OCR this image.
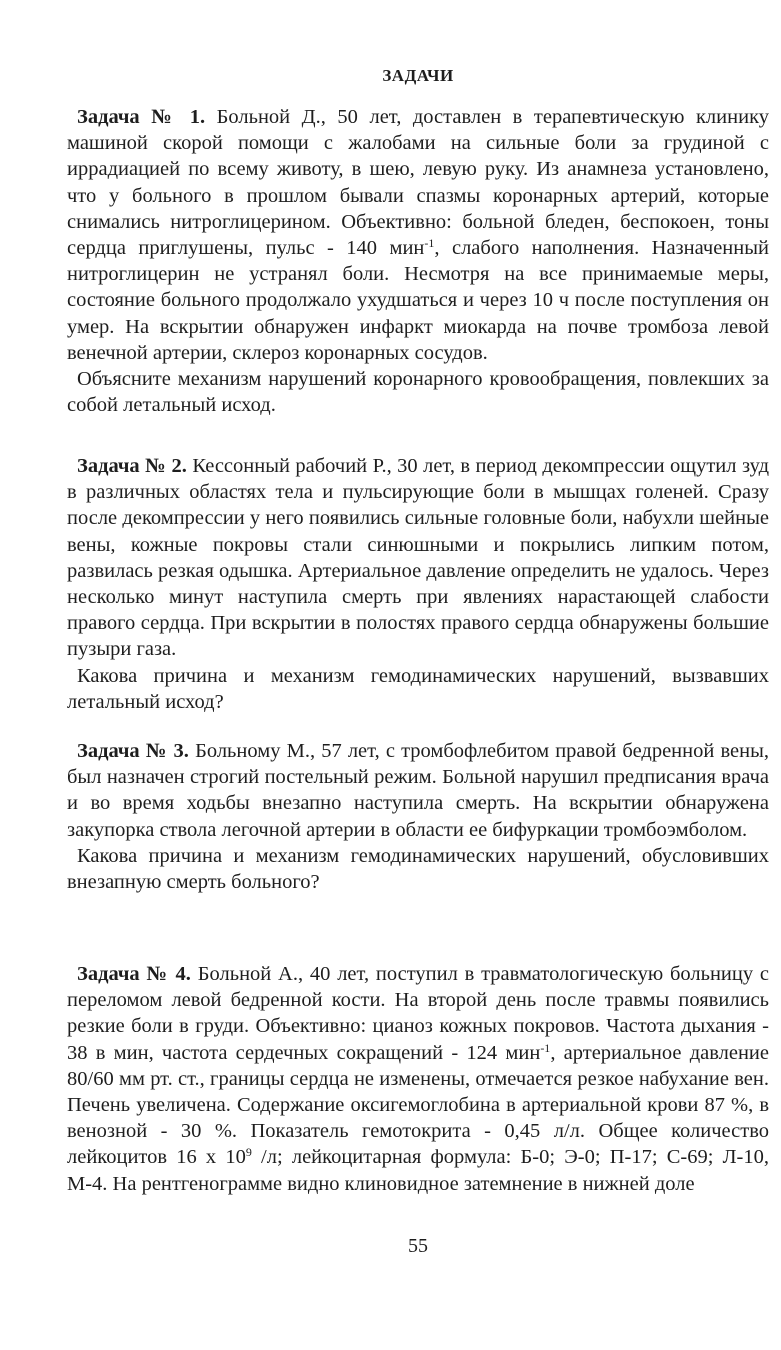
ЗАДАЧИ

Задача № 1. Больной Д., 50 лет, доставлен в терапевтическую клинику машиной скорой помощи с жалобами на сильные боли за грудиной с иррадиацией по всему животу, в шею, левую руку. Из анамнеза установлено, что у больного в прошлом бывали спазмы коронарных артерий, которые снимались нитроглицерином. Объективно: больной бледен, беспокоен, тоны сердца приглушены, пульс - 140 мин$^{-1}$, слабого наполнения. Назначенный нитроглицерин не устранял боли. Несмотря на все принимаемые меры, состояние больного продолжало ухудшаться и через 10 ч после поступления он умер. На вскрытии обнаружен инфаркт миокарда на почве тромбоза левой венечной артерии, склероз коронарных сосудов.

Объясните механизм нарушений коронарного кровообращения, повлекших за собой летальный исход.

Задача № 2. Кессонный рабочий Р., 30 лет, в период декомпрессии ощутил зуд в различных областях тела и пульсирующие боли в мышцах голеней. Сразу после декомпрессии у него появились сильные головные боли, набухли шейные вены, кожные покровы стали синюшными и покрылись липким потом, развилась резкая одышка. Артериальное давление определить не удалось. Через несколько минут наступила смерть при явлениях нарастающей слабости правого сердца. При вскрытии в полостях правого сердца обнаружены большие пузыри газа.

Какова причина и механизм гемодинамических нарушений, вызвавших летальный исход?

Задача № 3. Больному М., 57 лет, с тромбофлебитом правой бедренной вены, был назначен строгий постельный режим. Больной нарушил предписания врача и во время ходьбы внезапно наступила смерть. На вскрытии обнаружена закупорка ствола легочной артерии в области ее бифуркации тромбоэмболом.

Какова причина и механизм гемодинамических нарушений, обусловивших внезапную смерть больного?

Задача № 4. Больной А., 40 лет, поступил в травматологическую больницу с переломом левой бедренной кости. На второй день после травмы появились резкие боли в груди. Объективно: цианоз кожных покровов. Частота дыхания - 38 в мин, частота сердечных сокращений - 124 мин$^{-1}$, артериальное давление 80/60 мм рт. ст., границы сердца не изменены, отмечается резкое набухание вен. Печень увеличена. Содержание оксигемоглобина в артериальной крови 87 %, в венозной - 30 %. Показатель гемотокрита - 0,45 л/л. Общее количество лейкоцитов 16 х $10^9$ /л; лейкоцитарная формула: Б-0; Э-0; П-17; С-69; Л-10, М-4. На рентгенограмме видно клиновидное затемнение в нижней доле

55
